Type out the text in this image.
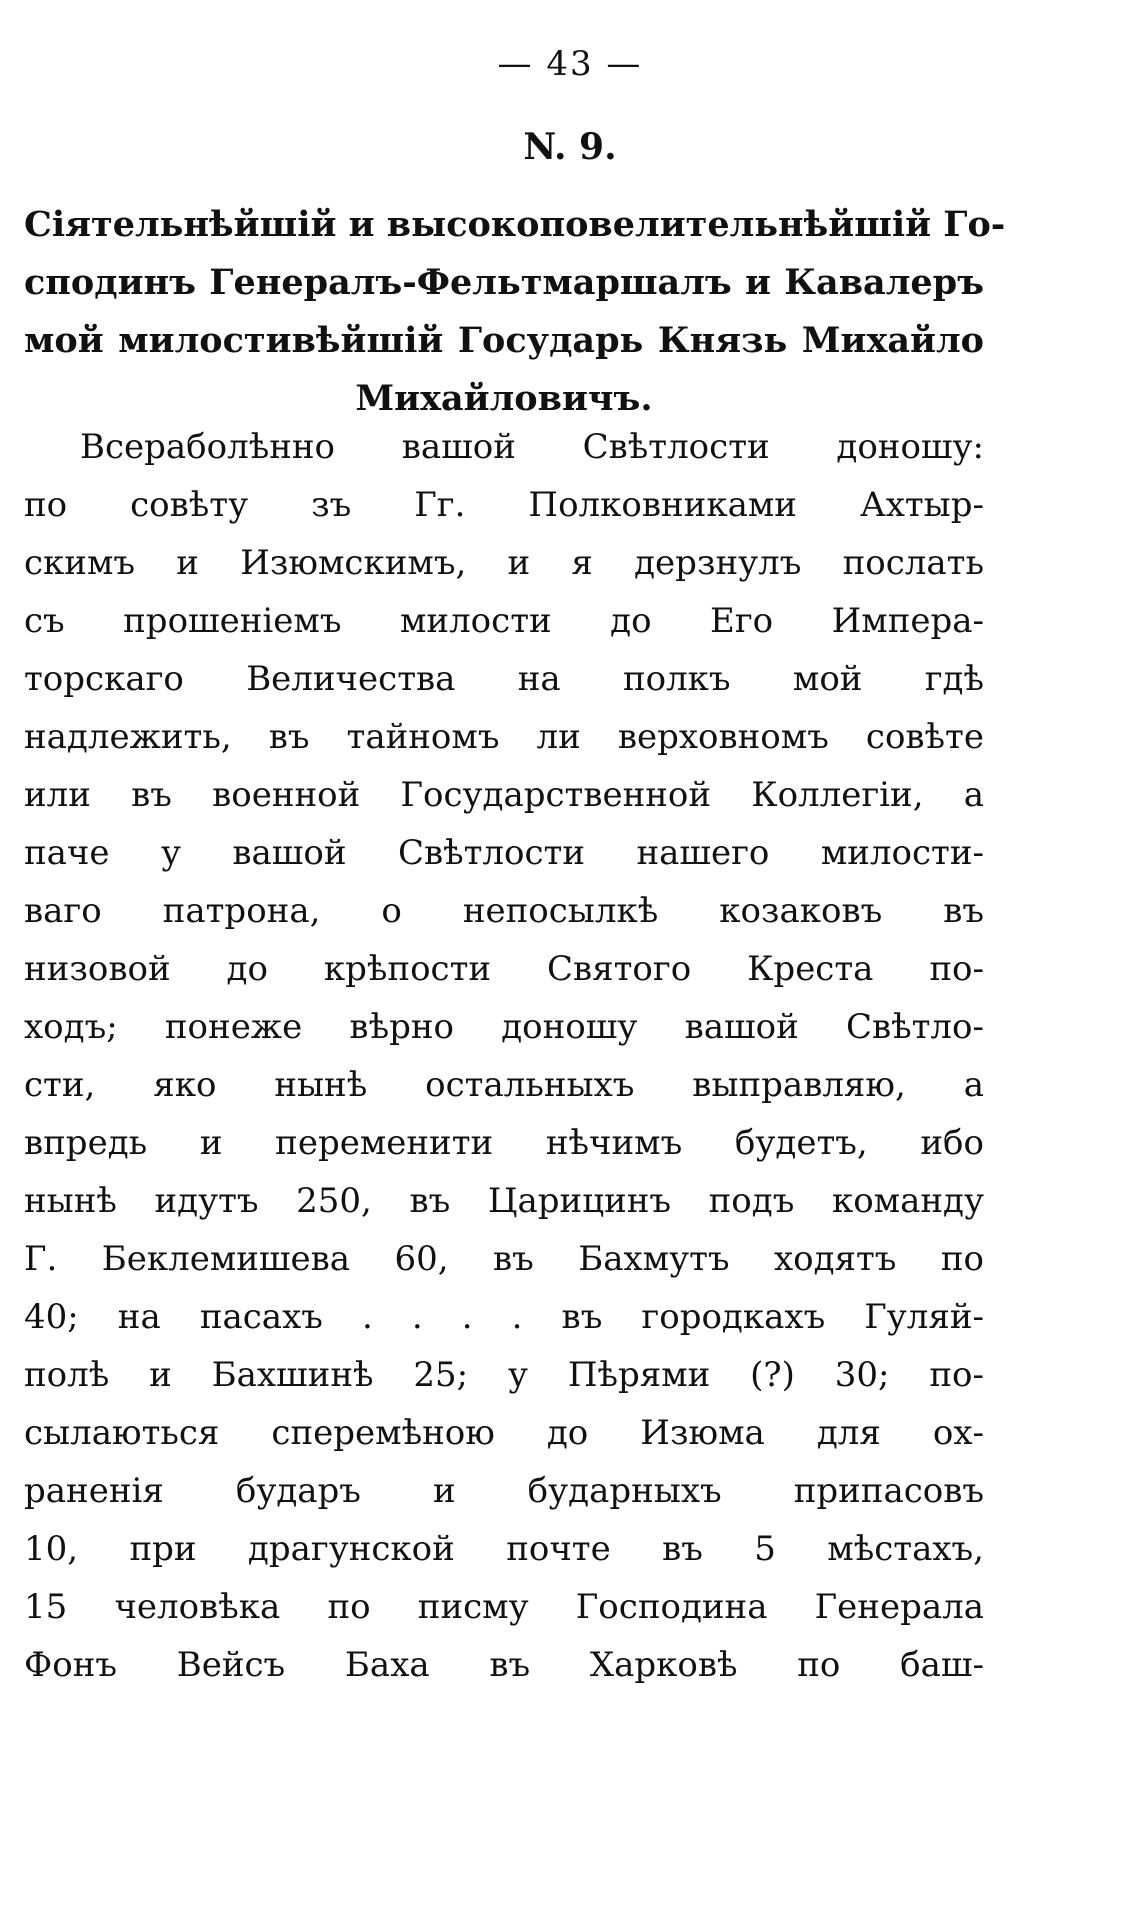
— 43 —
N. 9.
Сіятельнѣйшій и высокоповелительнѣйшій Го-
сподинъ Генералъ-Фельтмаршалъ и Кавалеръ
мой милостивѣйшій Государь Князь Михайло
Михайловичъ.
Всераболѣнно вашой Свѣтлости доношу:
по совѣту зъ Гг. Полковниками Ахтыр-
скимъ и Изюмскимъ, и я дерзнулъ послать
съ прошеніемъ милости до Его Импера-
торскаго Величества на полкъ мой гдѣ
надлежить, въ тайномъ ли верховномъ совѣте
или въ военной Государственной Коллегіи, а
паче у вашой Свѣтлости нашего милости-
ваго патрона, о непосылкѣ козаковъ въ
низовой до крѣпости Святого Креста по-
ходъ; понеже вѣрно доношу вашой Свѣтло-
сти, яко нынѣ остальныхъ выправляю, а
впредь и переменити нѣчимъ будетъ, ибо
нынѣ идутъ 250, въ Царицинъ подъ команду
Г. Беклемишева 60, въ Бахмутъ ходятъ по
40; на пасахъ . . . . въ городкахъ Гуляй-
полѣ и Бахшинѣ 25; у Пѣрями (?) 30; по-
сылаються сперемѣною до Изюма для ох-
раненія бударъ и бударныхъ припасовъ
10, при драгунской почте въ 5 мѣстахъ,
15 человѣка по писму Господина Генерала
Фонъ Вейсъ Баха въ Харковѣ по баш-
